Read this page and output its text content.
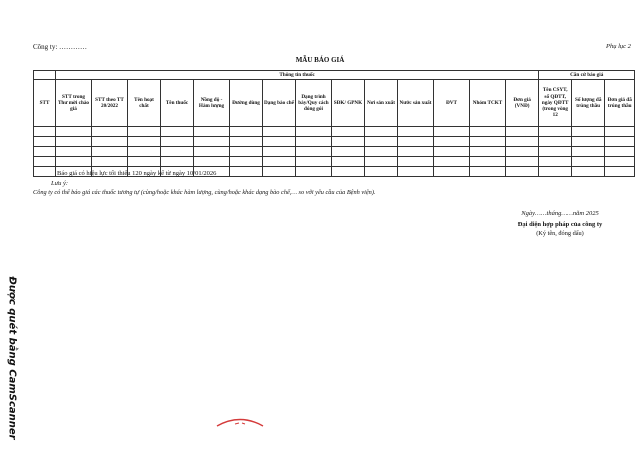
Công ty: …………	Phụ lục 2
MẪU BÁO GIÁ
	Thông tin thuốc														Căn cứ báo giá		
STT	STT trong Thư mời chào giá	STT theo TT 20/2022	Tên hoạt chất	Tên thuốc	Nồng độ - Hàm lượng	Đường dùng	Dạng bào chế	Dạng trình bày/Quy cách đóng gói	SĐK/ GPNK	Nơi sản xuất	Nước sản xuất	ĐVT	Nhóm TCKT	Đơn giá (VNĐ)	Tên CSYT, số QĐTT, ngày QĐTT (trong vòng 12	Số lượng đã trúng thầu	Đơn giá đã trúng thầu

Báo giá có hiệu lực tối thiểu 120 ngày kể từ ngày 10/01/2026
Lưu ý:
Công ty có thể báo giá các thuốc tương tự (cùng/hoặc khác hàm lượng, cùng/hoặc khác dạng bào chế,… so với yêu cầu của Bệnh viện).
Ngày……tháng……năm 2025
Đại diện hợp pháp của công ty
(Ký tên, đóng dấu)
Được quét bằng CamScanner
